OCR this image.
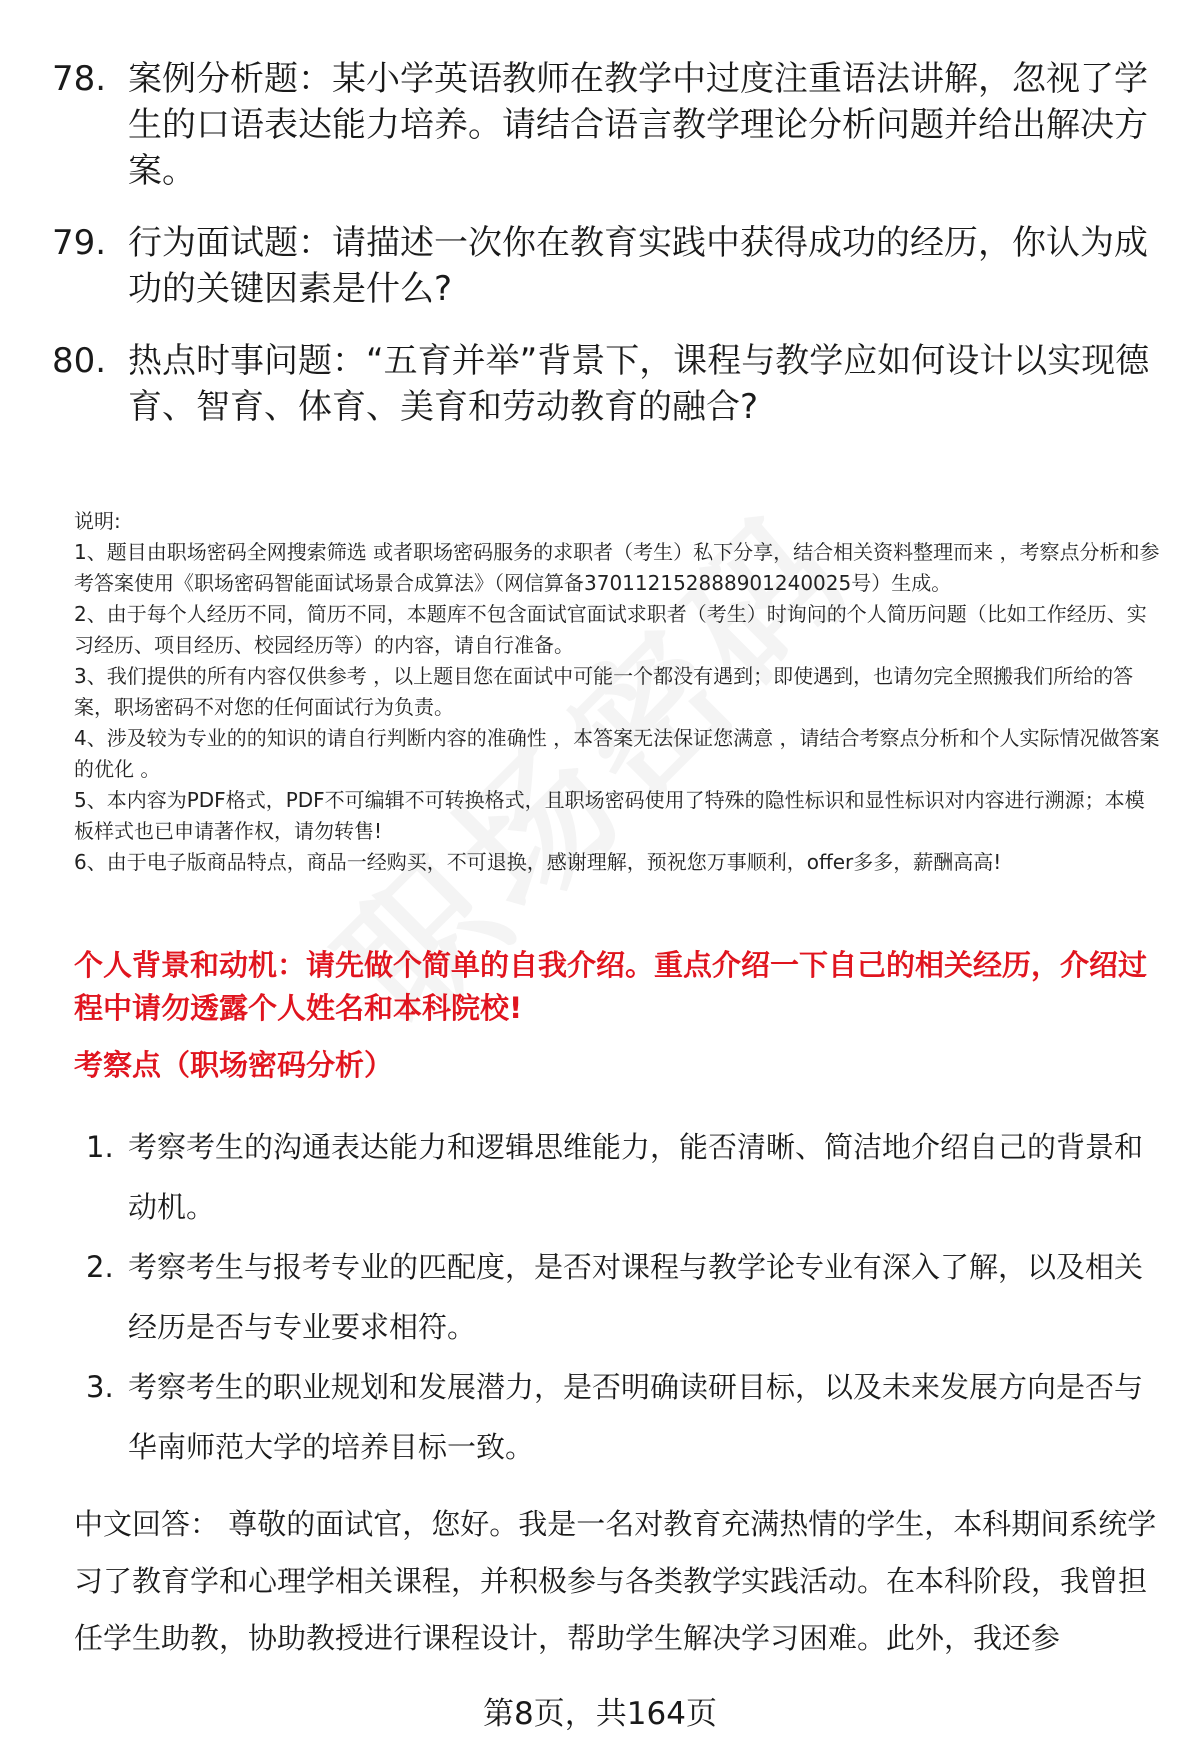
78. 案例分析题：某小学英语教师在教学中过度注重语法讲解，忽视了学生的口语表达能力培养。请结合语言教学理论分析问题并给出解决方案。
79. 行为面试题：请描述一次你在教育实践中获得成功的经历，你认为成功的关键因素是什么?
80. 热点时事问题：“五育并举”背景下，课程与教学应如何设计以实现德育、智育、体育、美育和劳动教育的融合?
说明:
1、题目由职场密码全网搜索筛选 或者职场密码服务的求职者（考生）私下分享，结合相关资料整理而来 ，考察点分析和参考答案使用《职场密码智能面试场景合成算法》（网信算备370112152888901240025号）生成。
2、由于每个人经历不同，简历不同，本题库不包含面试官面试求职者（考生）时询问的个人简历问题（比如工作经历、实习经历、项目经历、校园经历等）的内容，请自行准备。
3、我们提供的所有内容仅供参考 ，以上题目您在面试中可能一个都没有遇到；即使遇到，也请勿完全照搬我们所给的答案，职场密码不对您的任何面试行为负责。
4、涉及较为专业的的知识的请自行判断内容的准确性 ，本答案无法保证您满意 ，请结合考察点分析和个人实际情况做答案的优化 。
5、本内容为PDF格式，PDF不可编辑不可转换格式，且职场密码使用了特殊的隐性标识和显性标识对内容进行溯源；本模板样式也已申请著作权，请勿转售!
6、由于电子版商品特点，商品一经购买，不可退换，感谢理解，预祝您万事顺利，offer多多，薪酬高高!
个人背景和动机：请先做个简单的自我介绍。重点介绍一下自己的相关经历，介绍过程中请勿透露个人姓名和本科院校!
考察点（职场密码分析）
1. 考察考生的沟通表达能力和逻辑思维能力，能否清晰、简洁地介绍自己的背景和动机。
2. 考察考生与报考专业的匹配度，是否对课程与教学论专业有深入了解，以及相关经历是否与专业要求相符。
3. 考察考生的职业规划和发展潜力，是否明确读研目标，以及未来发展方向是否与华南师范大学的培养目标一致。
中文回答： 尊敬的面试官，您好。我是一名对教育充满热情的学生，本科期间系统学习了教育学和心理学相关课程，并积极参与各类教学实践活动。在本科阶段，我曾担任学生助教，协助教授进行课程设计，帮助学生解决学习困难。此外，我还参
第8页，共164页
